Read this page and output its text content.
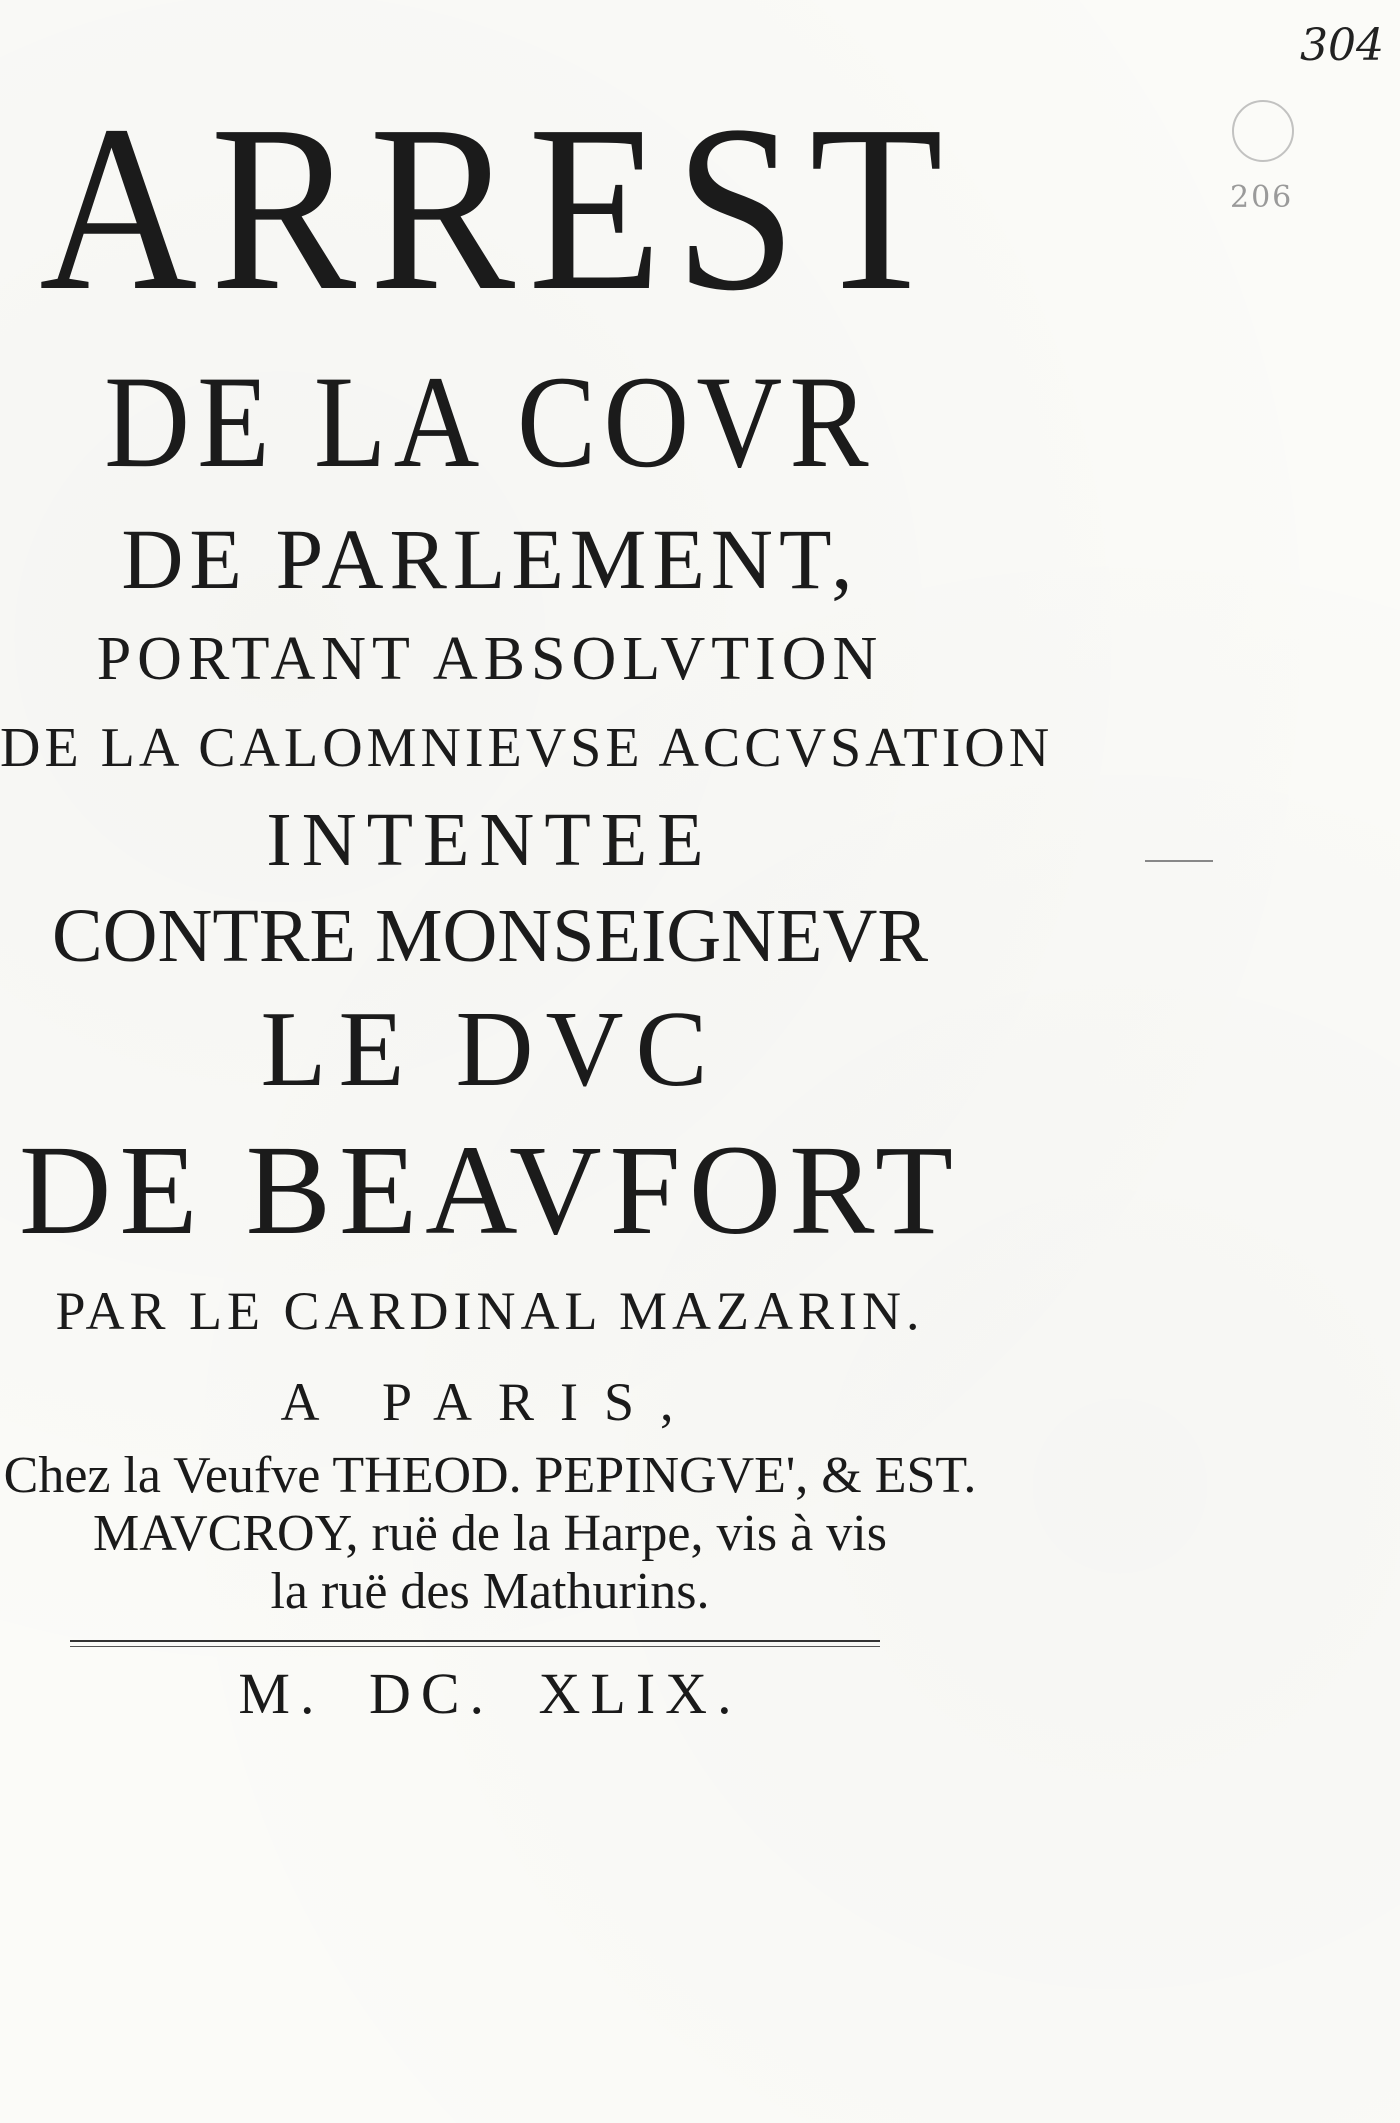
304
206
ARREST
DE LA COVR
DE PARLEMENT,
PORTANT ABSOLVTION
DE LA CALOMNIEVSE ACCVSATION
INTENTEE
CONTRE MONSEIGNEVR
LE DVC
DE BEAVFORT
PAR LE CARDINAL MAZARIN.
A PARIS,
Chez la Veufve THEOD. PEPINGVE', & EST.
MAVCROY, ruë de la Harpe, vis à vis
la ruë des Mathurins.
M. DC. XLIX.
